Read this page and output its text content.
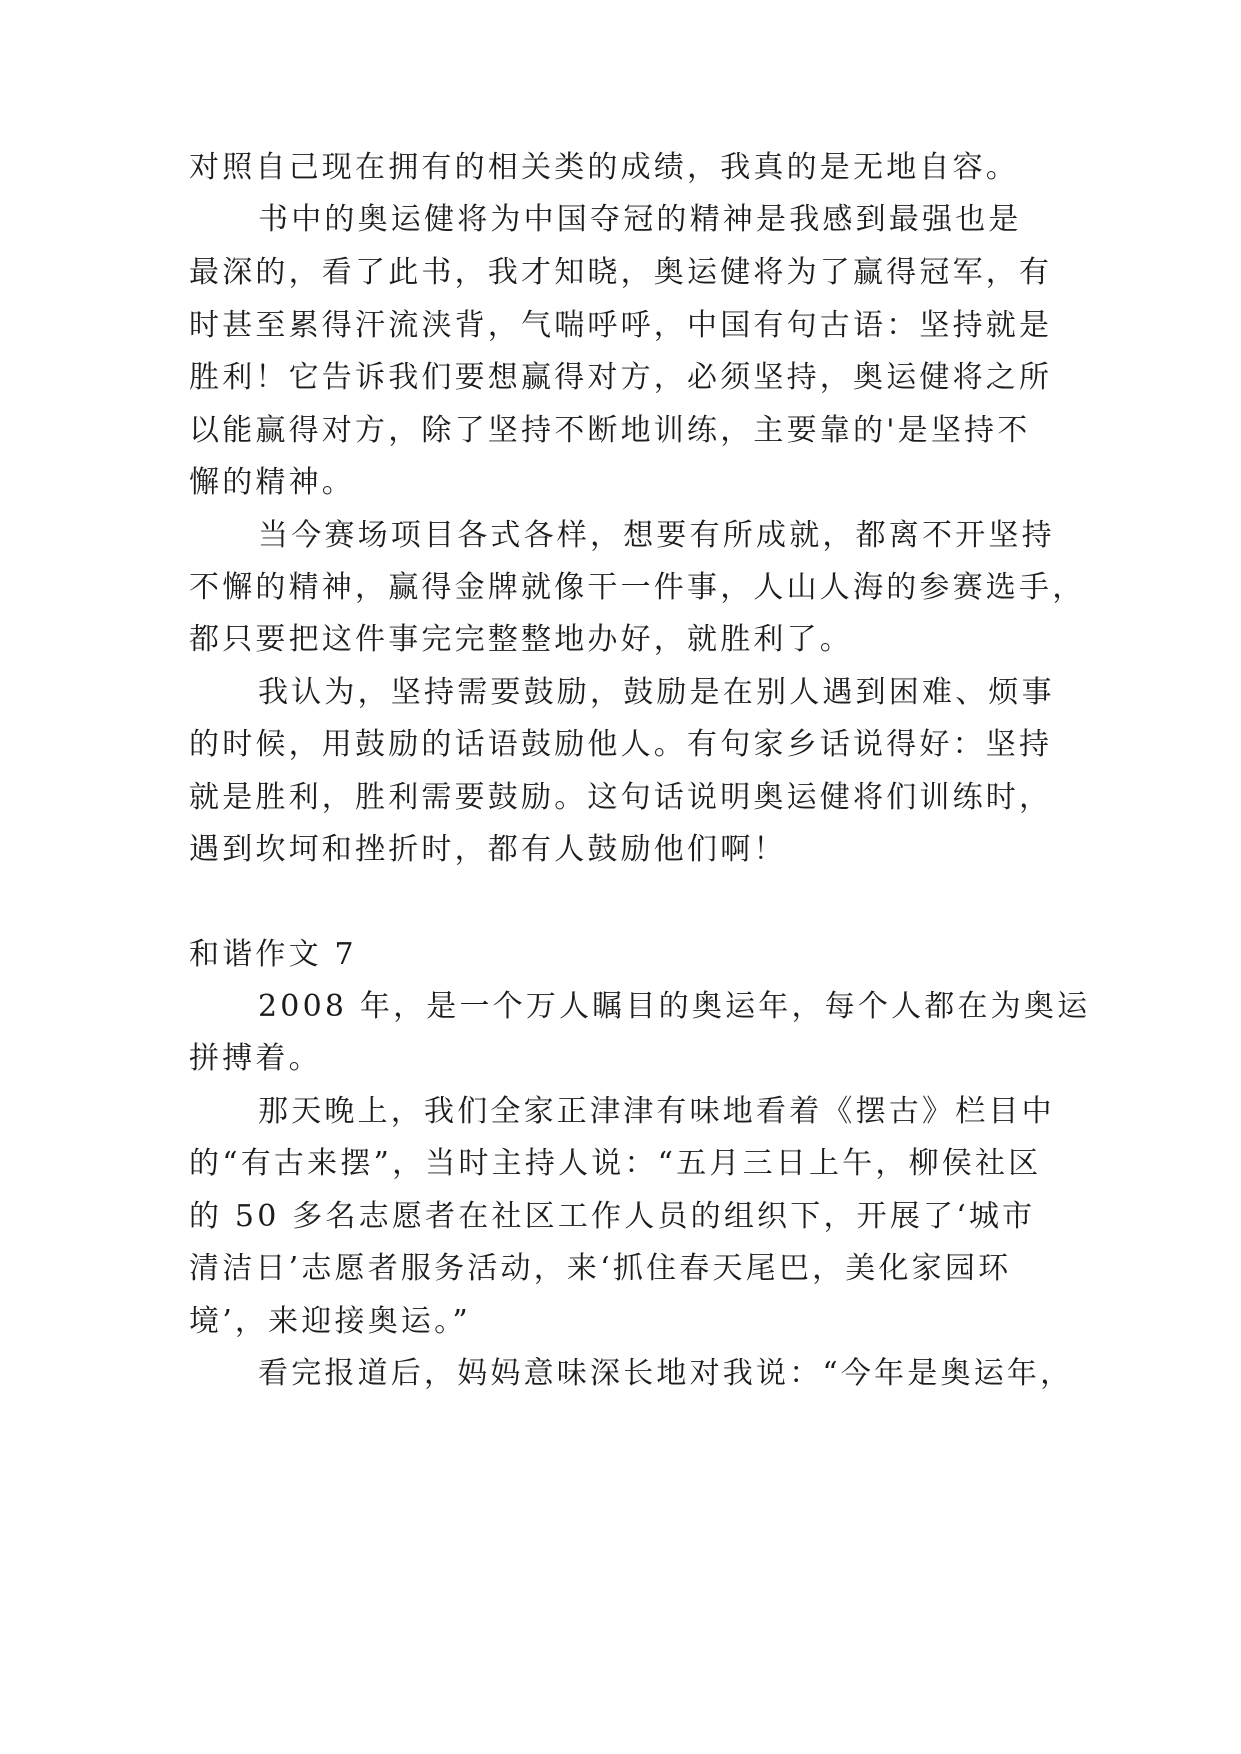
对照自己现在拥有的相关类的成绩，我真的是无地自容。
书中的奥运健将为中国夺冠的精神是我感到最强也是
最深的，看了此书，我才知晓，奥运健将为了赢得冠军，有
时甚至累得汗流浃背，气喘呼呼，中国有句古语：坚持就是
胜利！它告诉我们要想赢得对方，必须坚持，奥运健将之所
以能赢得对方，除了坚持不断地训练，主要靠的'是坚持不
懈的精神。
当今赛场项目各式各样，想要有所成就，都离不开坚持
不懈的精神，赢得金牌就像干一件事，人山人海的参赛选手，
都只要把这件事完完整整地办好，就胜利了。
我认为，坚持需要鼓励，鼓励是在别人遇到困难、烦事
的时候，用鼓励的话语鼓励他人。有句家乡话说得好：坚持
就是胜利，胜利需要鼓励。这句话说明奥运健将们训练时，
遇到坎坷和挫折时，都有人鼓励他们啊！
和谐作文 7
2008 年，是一个万人瞩目的奥运年，每个人都在为奥运
拼搏着。
那天晚上，我们全家正津津有味地看着《摆古》栏目中
的“有古来摆”，当时主持人说：“五月三日上午，柳侯社区
的 50 多名志愿者在社区工作人员的组织下，开展了‘城市
清洁日’志愿者服务活动，来‘抓住春天尾巴，美化家园环
境’，来迎接奥运。”
看完报道后，妈妈意味深长地对我说：“今年是奥运年，
